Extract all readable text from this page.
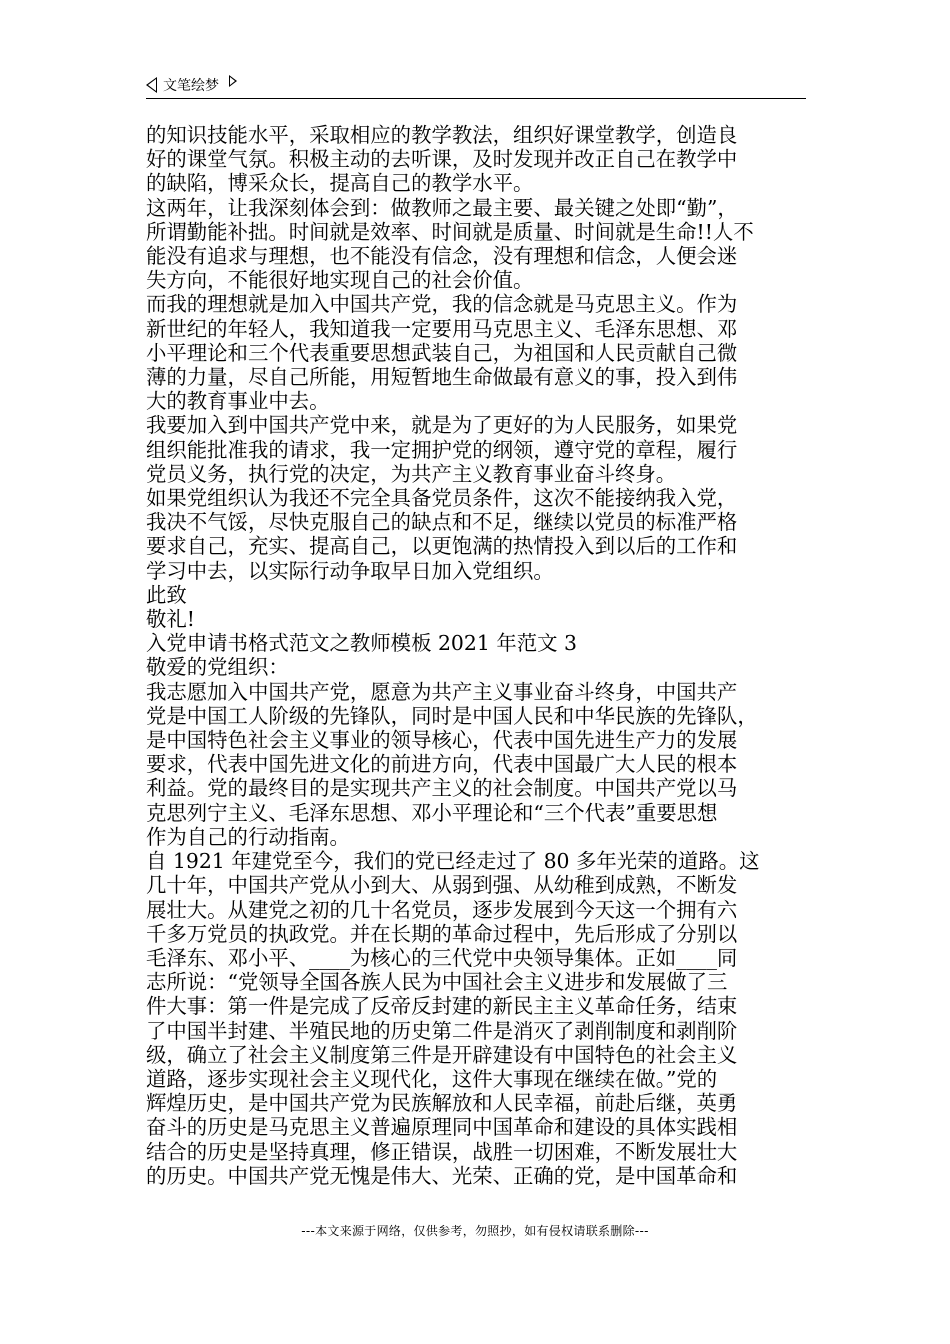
文笔绘梦

的知识技能水平，采取相应的教学教法，组织好课堂教学，创造良

好的课堂气氛。积极主动的去听课，及时发现并改正自己在教学中

的缺陷，博采众长，提高自己的教学水平。

这两年，让我深刻体会到：做教师之最主要、最关键之处即“勤”，

所谓勤能补拙。时间就是效率、时间就是质量、时间就是生命!!人不

能没有追求与理想，也不能没有信念，没有理想和信念，人便会迷

失方向，不能很好地实现自己的社会价值。

而我的理想就是加入中国共产党，我的信念就是马克思主义。作为

新世纪的年轻人，我知道我一定要用马克思主义、毛泽东思想、邓

小平理论和三个代表重要思想武装自己，为祖国和人民贡献自己微

薄的力量，尽自己所能，用短暂地生命做最有意义的事，投入到伟

大的教育事业中去。

我要加入到中国共产党中来，就是为了更好的为人民服务，如果党

组织能批准我的请求，我一定拥护党的纲领，遵守党的章程，履行

党员义务，执行党的决定，为共产主义教育事业奋斗终身。

如果党组织认为我还不完全具备党员条件，这次不能接纳我入党，

我决不气馁，尽快克服自己的缺点和不足，继续以党员的标准严格

要求自己，充实、提高自己，以更饱满的热情投入到以后的工作和

学习中去，以实际行动争取早日加入党组织。

此致

敬礼!

入党申请书格式范文之教师模板 2021 年范文 3

敬爱的党组织：

我志愿加入中国共产党，愿意为共产主义事业奋斗终身，中国共产

党是中国工人阶级的先锋队，同时是中国人民和中华民族的先锋队，

是中国特色社会主义事业的领导核心，代表中国先进生产力的发展

要求，代表中国先进文化的前进方向，代表中国最广大人民的根本

利益。党的最终目的是实现共产主义的社会制度。中国共产党以马

克思列宁主义、毛泽东思想、邓小平理论和“三个代表”重要思想

作为自己的行动指南。

自 1921 年建党至今，我们的党已经走过了 80 多年光荣的道路。这

几十年，中国共产党从小到大、从弱到强、从幼稚到成熟，不断发

展壮大。从建党之初的几十名党员，逐步发展到今天这一个拥有六

千多万党员的执政党。并在长期的革命过程中，先后形成了分别以

毛泽东、邓小平、____为核心的三代党中央领导集体。正如____同

志所说：“党领导全国各族人民为中国社会主义进步和发展做了三

件大事：第一件是完成了反帝反封建的新民主主义革命任务，结束

了中国半封建、半殖民地的历史第二件是消灭了剥削制度和剥削阶

级，确立了社会主义制度第三件是开辟建设有中国特色的社会主义

道路，逐步实现社会主义现代化，这件大事现在继续在做。”党的

辉煌历史，是中国共产党为民族解放和人民幸福，前赴后继，英勇

奋斗的历史是马克思主义普遍原理同中国革命和建设的具体实践相

结合的历史是坚持真理，修正错误，战胜一切困难，不断发展壮大

的历史。中国共产党无愧是伟大、光荣、正确的党，是中国革命和

---本文来源于网络，仅供参考，勿照抄，如有侵权请联系删除---
